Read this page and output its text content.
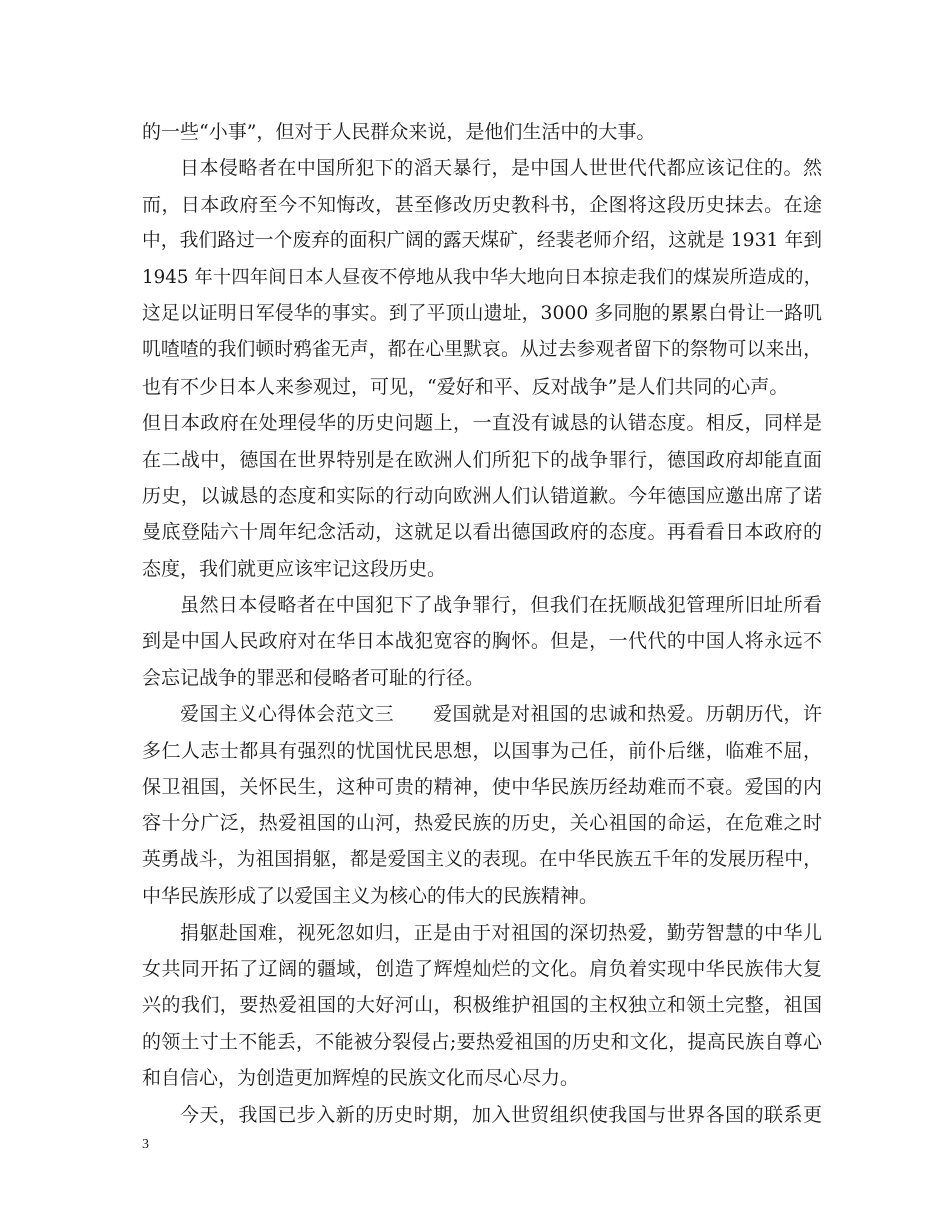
的一些“小事”，但对于人民群众来说，是他们生活中的大事。
日本侵略者在中国所犯下的滔天暴行，是中国人世世代代都应该记住的。然
而，日本政府至今不知悔改，甚至修改历史教科书，企图将这段历史抹去。在途
中，我们路过一个废弃的面积广阔的露天煤矿，经裴老师介绍，这就是 1931 年到
1945 年十四年间日本人昼夜不停地从我中华大地向日本掠走我们的煤炭所造成的，
这足以证明日军侵华的事实。到了平顶山遗址，3000 多同胞的累累白骨让一路叽
叽喳喳的我们顿时鸦雀无声，都在心里默哀。从过去参观者留下的祭物可以来出，
也有不少日本人来参观过，可见，“爱好和平、反对战争”是人们共同的心声。
但日本政府在处理侵华的历史问题上，一直没有诚恳的认错态度。相反，同样是
在二战中，德国在世界特别是在欧洲人们所犯下的战争罪行，德国政府却能直面
历史，以诚恳的态度和实际的行动向欧洲人们认错道歉。今年德国应邀出席了诺
曼底登陆六十周年纪念活动，这就足以看出德国政府的态度。再看看日本政府的
态度，我们就更应该牢记这段历史。
虽然日本侵略者在中国犯下了战争罪行，但我们在抚顺战犯管理所旧址所看
到是中国人民政府对在华日本战犯宽容的胸怀。但是，一代代的中国人将永远不
会忘记战争的罪恶和侵略者可耻的行径。
爱国主义心得体会范文三　　爱国就是对祖国的忠诚和热爱。历朝历代，许
多仁人志士都具有强烈的忧国忧民思想，以国事为己任，前仆后继，临难不屈，
保卫祖国，关怀民生，这种可贵的精神，使中华民族历经劫难而不衰。爱国的内
容十分广泛，热爱祖国的山河，热爱民族的历史，关心祖国的命运，在危难之时
英勇战斗，为祖国捐躯，都是爱国主义的表现。在中华民族五千年的发展历程中，
中华民族形成了以爱国主义为核心的伟大的民族精神。
捐躯赴国难，视死忽如归，正是由于对祖国的深切热爱，勤劳智慧的中华儿
女共同开拓了辽阔的疆域，创造了辉煌灿烂的文化。肩负着实现中华民族伟大复
兴的我们，要热爱祖国的大好河山，积极维护祖国的主权独立和领土完整，祖国
的领土寸土不能丢，不能被分裂侵占;要热爱祖国的历史和文化，提高民族自尊心
和自信心，为创造更加辉煌的民族文化而尽心尽力。
今天，我国已步入新的历史时期，加入世贸组织使我国与世界各国的联系更
3
